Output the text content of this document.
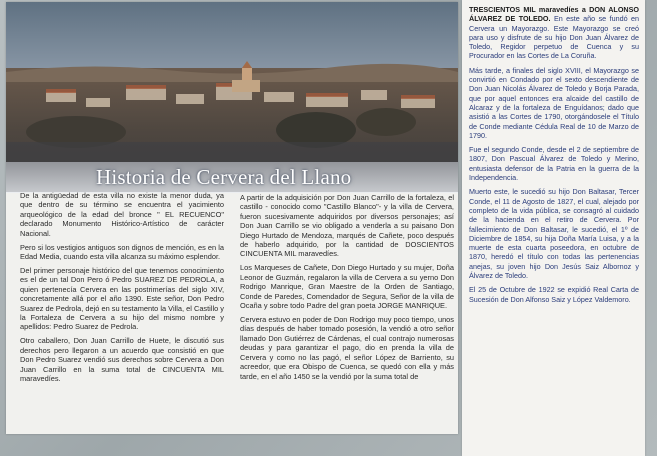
Historia de Cervera del Llano

De la antigüedad de esta villa no existe la menor duda, ya que dentro de su término se encuentra el yacimiento arqueológico de la edad del bronce " EL RECUENCO" declarado Monumento Histórico-Artístico de carácter Nacional.

Pero si los vestigios antiguos son dignos de mención, es en la Edad Media, cuando esta villa alcanza su máximo esplendor.

Del primer personaje histórico del que tenemos conocimiento es el de un tal Don Pero ó Pedro SUAREZ DE PEDROLA, a quien pertenecía Cervera en las postrimerías del siglo XIV, concretamente allá por el año 1390. Este señor, Don Pedro Suarez de Pedrola, dejó en su testamento la Villa, el Castillo y la Fortaleza de Cervera a su hijo del mismo nombre y apellidos: Pedro Suarez de Pedrola.

Otro caballero, Don Juan Carrillo de Huete, le discutió sus derechos pero llegaron a un acuerdo que consistió en que Don Pedro Suarez vendió sus derechos sobre Cervera a Don Juan Carrillo en la suma total de CINCUENTA MIL maravedíes.

A partir de la adquisición por Don Juan Carrillo de la fortaleza, el castillo - conocido como "Castillo Blanco"- y la villa de Cervera, fueron sucesivamente adquiridos por diversos personajes; así Don Juan Carrillo se vio obligado a venderla a su paisano Don Diego Hurtado de Mendoza, marqués de Cañete, poco después de haberlo adquirido, por la cantidad de DOSCIENTOS CINCUENTA MIL maravedíes.

Los Marqueses de Cañete, Don Diego Hurtado y su mujer, Doña Leonor de Guzmán, regalaron la villa de Cervera a su yerno Don Rodrigo Manrique, Gran Maestre de la Orden de Santiago, Conde de Paredes, Comendador de Segura, Señor de la villa de Ocaña y sobre todo Padre del gran poeta JORGE MANRIQUE.

Cervera estuvo en poder de Don Rodrigo muy poco tiempo, unos días después de haber tomado posesión, la vendió a otro señor llamado Don Gutiérrez de Cárdenas, el cual contrajo numerosas deudas y para garantizar el pago, dio en prenda la villa de Cervera y como no las pagó, el señor López de Barriento, su acreedor, que era Obispo de Cuenca, se quedó con ella y más tarde, en el año 1450 se la vendió por la suma total de

TRESCIENTOS MIL maravedíes a DON ALONSO ÁLVAREZ DE TOLEDO. En este año se fundó en Cervera un Mayorazgo. Este Mayorazgo se creó para uso y disfrute de su hijo Don Juan Álvarez de Toledo, Regidor perpetuo de Cuenca y su Procurador en las Cortes de La Coruña.

Más tarde, a finales del siglo XVIII, el Mayorazgo se convirtió en Condado por el sexto descendiente de Don Juan Nicolás Álvarez de Toledo y Borja Parada, que por aquel entonces era alcaide del castillo de Alcaraz y de la fortaleza de Enguídanos; dado que asistió a las Cortes de 1790, otorgándosele el Título de Conde mediante Cédula Real de 10 de Marzo de 1790.

Fue el segundo Conde, desde el 2 de septiembre de 1807, Don Pascual Álvarez de Toledo y Merino, entusiasta defensor de la Patria en la guerra de la Independencia.

Muerto este, le sucedió su hijo Don Baltasar, Tercer Conde, el 11 de Agosto de 1827, el cual, alejado por completo de la vida pública, se consagró al cuidado de la hacienda en el retiro de Cervera. Por fallecimiento de Don Baltasar, le sucedió, el 1º de Diciembre de 1854, su hija Doña María Luisa, y a la muerte de esta cuarta poseedora, en octubre de 1870, heredó el título con todas las pertenencias anejas, su joven hijo Don Jesús Saiz Albornoz y Álvarez de Toledo.

El 25 de Octubre de 1922 se expidió Real Carta de Sucesión de Don Alfonso Saiz y López Valdemoro.
